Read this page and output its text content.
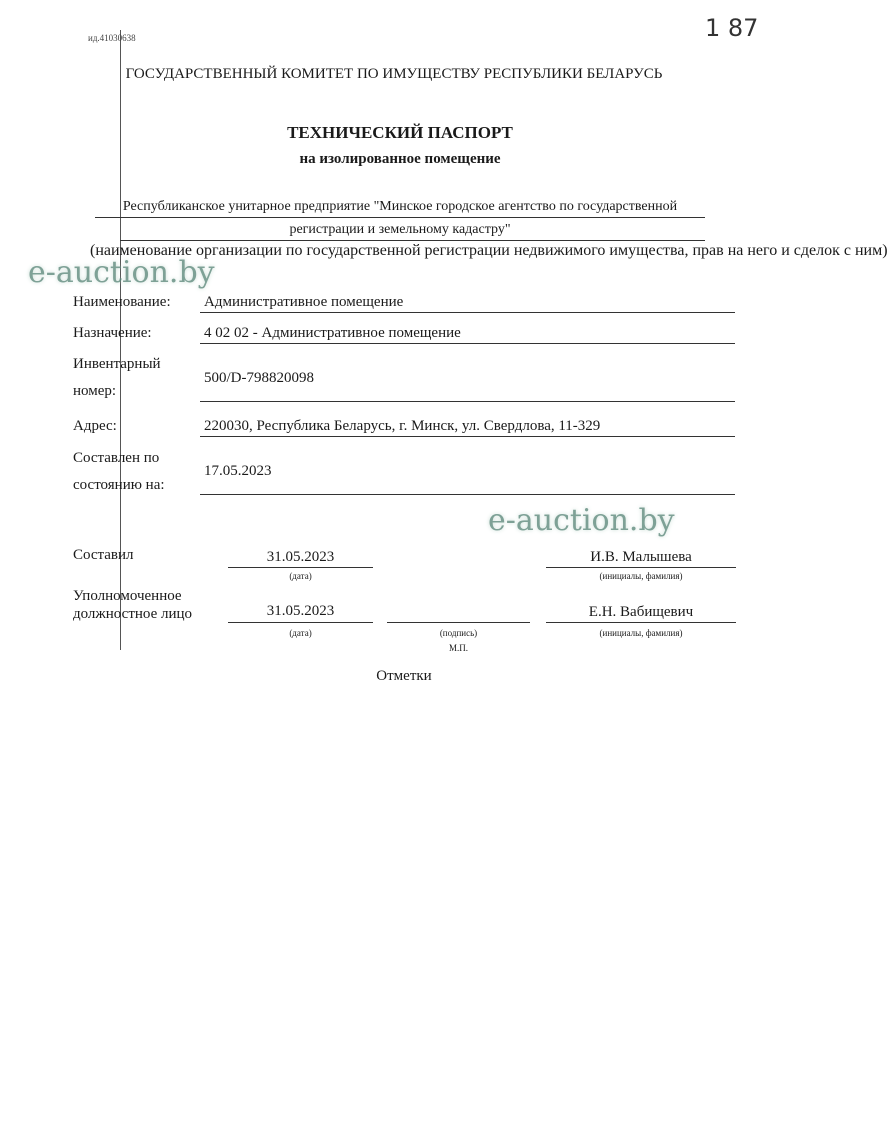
ид.41030638	1 87
ГОСУДАРСТВЕННЫЙ КОМИТЕТ ПО ИМУЩЕСТВУ РЕСПУБЛИКИ БЕЛАРУСЬ
ТЕХНИЧЕСКИЙ ПАСПОРТ
на изолированное помещение
Республиканское унитарное предприятие "Минское городское агентство по государственной
регистрации и земельному кадастру"
(наименование организации по государственной регистрации недвижимого имущества, прав на него и сделок с ним)
e-auction.by
Наименование: Административное помещение
Назначение:	4 02 02 - Административное помещение
Инвентарный
номер:
500/D-798820098
Адрес:	220030, Республика Беларусь, г. Минск, ул. Свердлова, 11-329
Составлен по
состоянию на:
17.05.2023
e-auction.by
Составил	31.05.2023
(дата)
И.В. Малышева
(инициалы, фамилия)
Уполномоченное
должностное лицо	31.05.2023
(дата)	(подпись)
М.П.
Е.Н. Вабищевич
(инициалы, фамилия)
Отметки
